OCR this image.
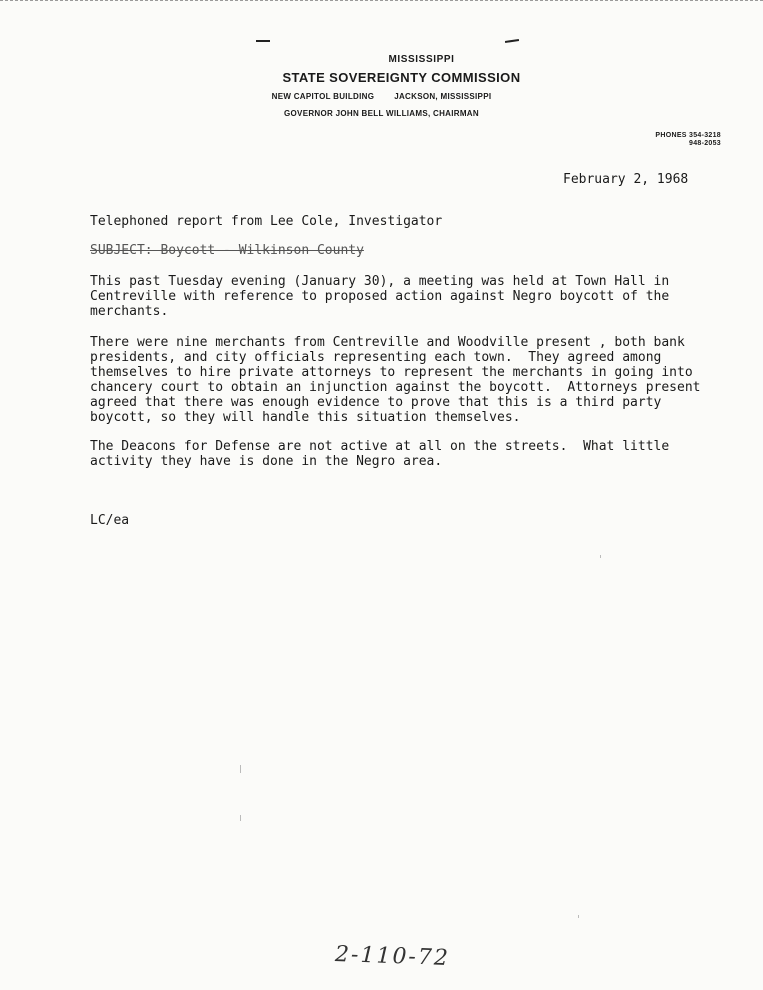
MISSISSIPPI
STATE SOVEREIGNTY COMMISSION
NEW CAPITOL BUILDING	JACKSON, MISSISSIPPI
GOVERNOR JOHN BELL WILLIAMS, CHAIRMAN
PHONES 354-3218
948-2053
February 2, 1968
Telephoned report from Lee Cole, Investigator
SUBJECT: Boycott - Wilkinson County
This past Tuesday evening (January 30), a meeting was held at Town Hall in
Centreville with reference to proposed action against Negro boycott of the
merchants.
There were nine merchants from Centreville and Woodville present , both bank
presidents, and city officials representing each town.  They agreed among
themselves to hire private attorneys to represent the merchants in going into
chancery court to obtain an injunction against the boycott.  Attorneys present
agreed that there was enough evidence to prove that this is a third party
boycott, so they will handle this situation themselves.
The Deacons for Defense are not active at all on the streets.  What little
activity they have is done in the Negro area.
LC/ea
2-110-72
